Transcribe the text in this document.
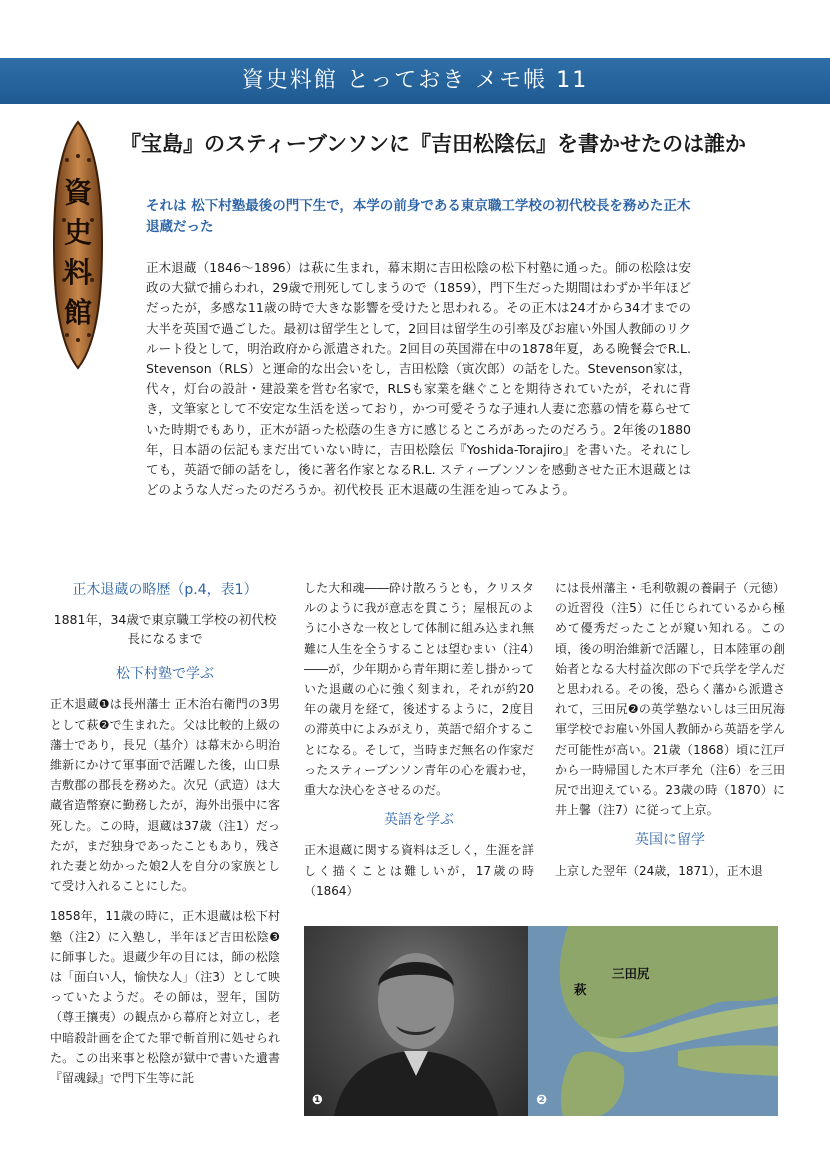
資史料館 とっておき メモ帳 11
資
史
料
館
『宝島』のスティーブンソンに『吉田松陰伝』を書かせたのは誰か
それは 松下村塾最後の門下生で，本学の前身である東京職工学校の初代校長を務めた正木退蔵だった
正木退蔵（1846～1896）は萩に生まれ，幕末期に吉田松陰の松下村塾に通った。師の松陰は安政の大獄で捕らわれ，29歳で刑死してしまうので（1859），門下生だった期間はわずか半年ほどだったが，多感な11歳の時で大きな影響を受けたと思われる。その正木は24才から34才までの大半を英国で過ごした。最初は留学生として，2回目は留学生の引率及びお雇い外国人教師のリクルート役として，明治政府から派遣された。2回目の英国滞在中の1878年夏，ある晩餐会でR.L. Stevenson（RLS）と運命的な出会いをし，吉田松陰（寅次郎）の話をした。Stevenson家は，代々，灯台の設計・建設業を営む名家で，RLSも家業を継ぐことを期待されていたが，それに背き，文筆家として不安定な生活を送っており，かつ可愛そうな子連れ人妻に恋慕の情を募らせていた時期でもあり，正木が語った松蔭の生き方に感じるところがあったのだろう。2年後の1880年，日本語の伝記もまだ出ていない時に，吉田松陰伝『Yoshida-Torajiro』を書いた。それにしても，英語で師の話をし，後に著名作家となるR.L. スティーブンソンを感動させた正木退蔵とはどのような人だったのだろうか。初代校長 正木退蔵の生涯を辿ってみよう。
正木退蔵の略歴（p.4，表1）
1881年，34歳で東京職工学校の初代校長になるまで
松下村塾で学ぶ

正木退蔵❶は長州藩士 正木治右衛門の3男として萩❷で生まれた。父は比較的上級の藩士であり，長兄（基介）は幕末から明治維新にかけて軍事面で活躍した後，山口県 吉敷郡の郡長を務めた。次兄（武造）は大蔵省造幣寮に勤務したが，海外出張中に客死した。この時，退蔵は37歳（注1）だったが，まだ独身であったこともあり，残された妻と幼かった娘2人を自分の家族として受け入れることにした。

1858年，11歳の時に，正木退蔵は松下村塾（注2）に入塾し，半年ほど吉田松陰❸に師事した。退蔵少年の目には，師の松陰は「面白い人，愉快な人」（注3）として映っていたようだ。その師は，翌年，国防（尊王攘夷）の観点から幕府と対立し，老中暗殺計画を企てた罪で斬首刑に処せられた。この出来事と松陰が獄中で書いた遺書『留魂録』で門下生等に託

した大和魂――砕け散ろうとも，クリスタルのように我が意志を貫こう；屋根瓦のように小さな一枚として体制に組み込まれ無難に人生を全うすることは望むまい（注4）――が，少年期から青年期に差し掛かっていた退蔵の心に強く刻まれ，それが約20年の歳月を経て，後述するように，2度目の滞英中によみがえり，英語で紹介することになる。そして，当時まだ無名の作家だったスティーブンソン青年の心を震わせ，重大な決心をさせるのだ。

英語を学ぶ

正木退蔵に関する資料は乏しく，生涯を詳しく描くことは難しいが，17歳の時（1864）

には長州藩主・毛利敬親の養嗣子（元徳）の近習役（注5）に任じられているから極めて優秀だったことが窺い知れる。この頃，後の明治維新で活躍し，日本陸軍の創始者となる大村益次郎の下で兵学を学んだと思われる。その後，恐らく藩から派遣されて，三田尻❷の英学塾ないしは三田尻海軍学校でお雇い外国人教師から英語を学んだ可能性が高い。21歳（1868）頃に江戸から一時帰国した木戸孝允（注6）を三田尻で出迎えている。23歳の時（1870）に井上馨（注7）に従って上京。

英国に留学

上京した翌年（24歳，1871），正木退

❶
萩
三田尻
❷
